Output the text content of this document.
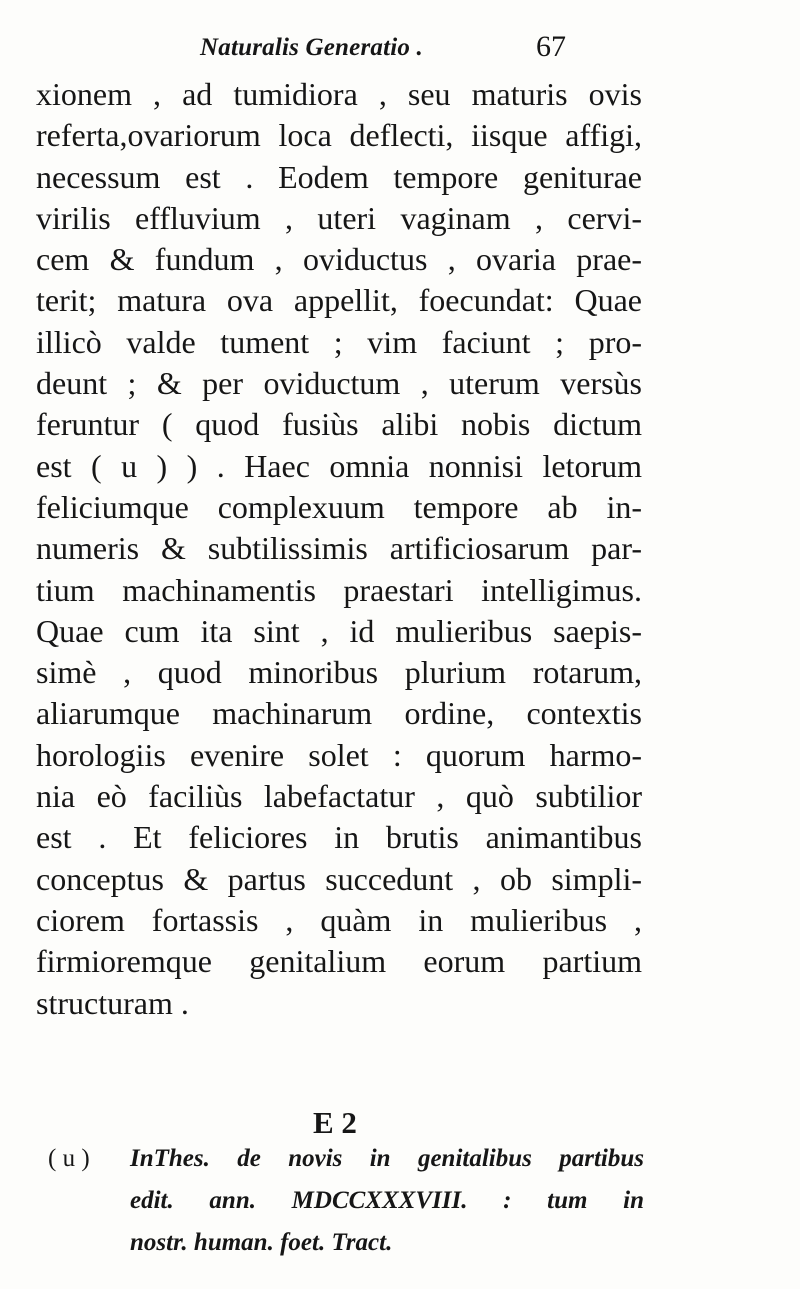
Naturalis Generatio .	67
xionem , ad tumidiora , seu maturis ovis
referta,ovariorum loca deflecti, iisque affigi,
necessum est . Eodem tempore geniturae
virilis effluvium , uteri vaginam , cervi-
cem & fundum , oviductus , ovaria prae-
terit; matura ova appellit, foecundat: Quae
illicò valde tument ; vim faciunt ; pro-
deunt ; & per oviductum , uterum versùs
feruntur ( quod fusiùs alibi nobis dictum
est ( u ) ) . Haec omnia nonnisi letorum
feliciumque complexuum tempore ab in-
numeris & subtilissimis artificiosarum par-
tium machinamentis praestari intelligimus.
Quae cum ita sint , id mulieribus saepis-
simè , quod minoribus plurium rotarum,
aliarumque machinarum ordine, contextis
horologiis evenire solet : quorum harmo-
nia eò faciliùs labefactatur , quò subtilior
est . Et feliciores in brutis animantibus
conceptus & partus succedunt , ob simpli-
ciorem fortassis , quàm in mulieribus ,
firmioremque genitalium eorum partium
structuram .
E 2
( u )	InThes. de novis in genitalibus partibus
edit. ann. MDCCXXXVIII. : tum in
nostr. human. foet. Tract.
